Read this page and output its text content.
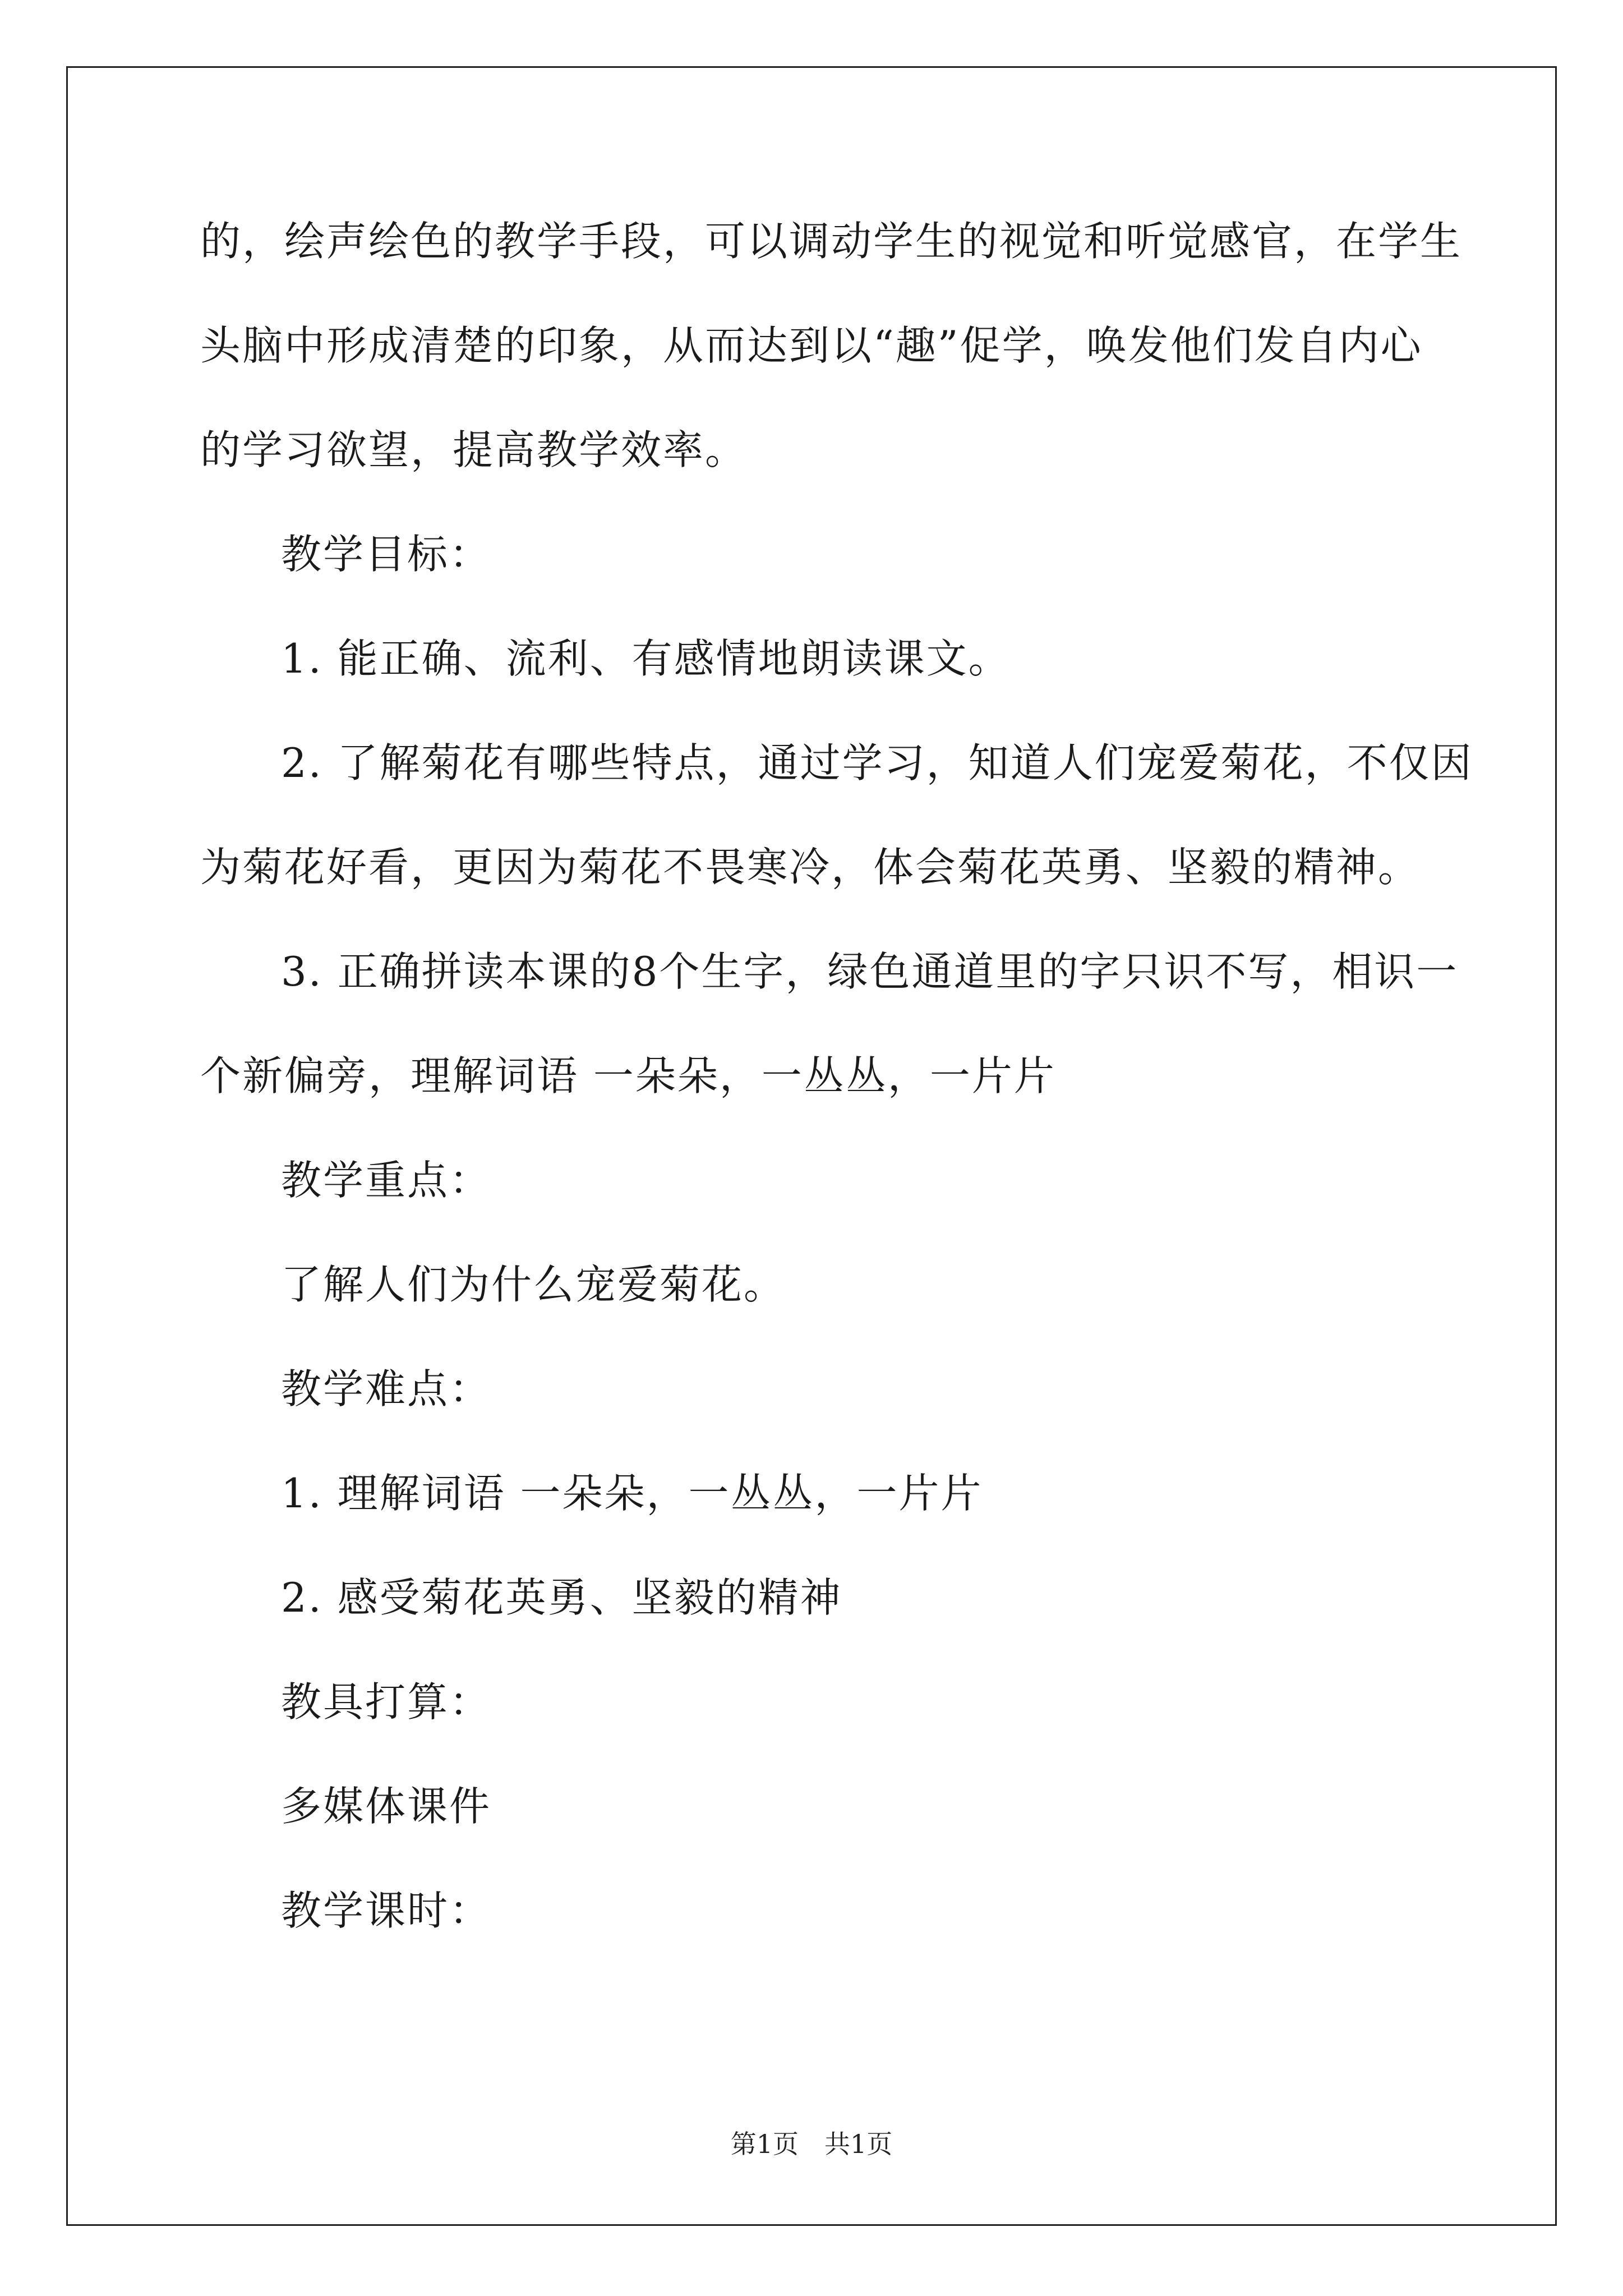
的，绘声绘色的教学手段，可以调动学生的视觉和听觉感官，在学生
头脑中形成清楚的印象，从而达到以“趣”促学，唤发他们发自内心
的学习欲望，提高教学效率。
教学目标：
1. 能正确、流利、有感情地朗读课文。
2. 了解菊花有哪些特点，通过学习，知道人们宠爱菊花，不仅因
为菊花好看，更因为菊花不畏寒冷，体会菊花英勇、坚毅的精神。
3. 正确拼读本课的8个生字，绿色通道里的字只识不写，相识一
个新偏旁，理解词语 一朵朵，一丛丛，一片片
教学重点：
了解人们为什么宠爱菊花。
教学难点：
1. 理解词语 一朵朵，一丛丛，一片片
2. 感受菊花英勇、坚毅的精神
教具打算：
多媒体课件
教学课时：
第1页　共1页
